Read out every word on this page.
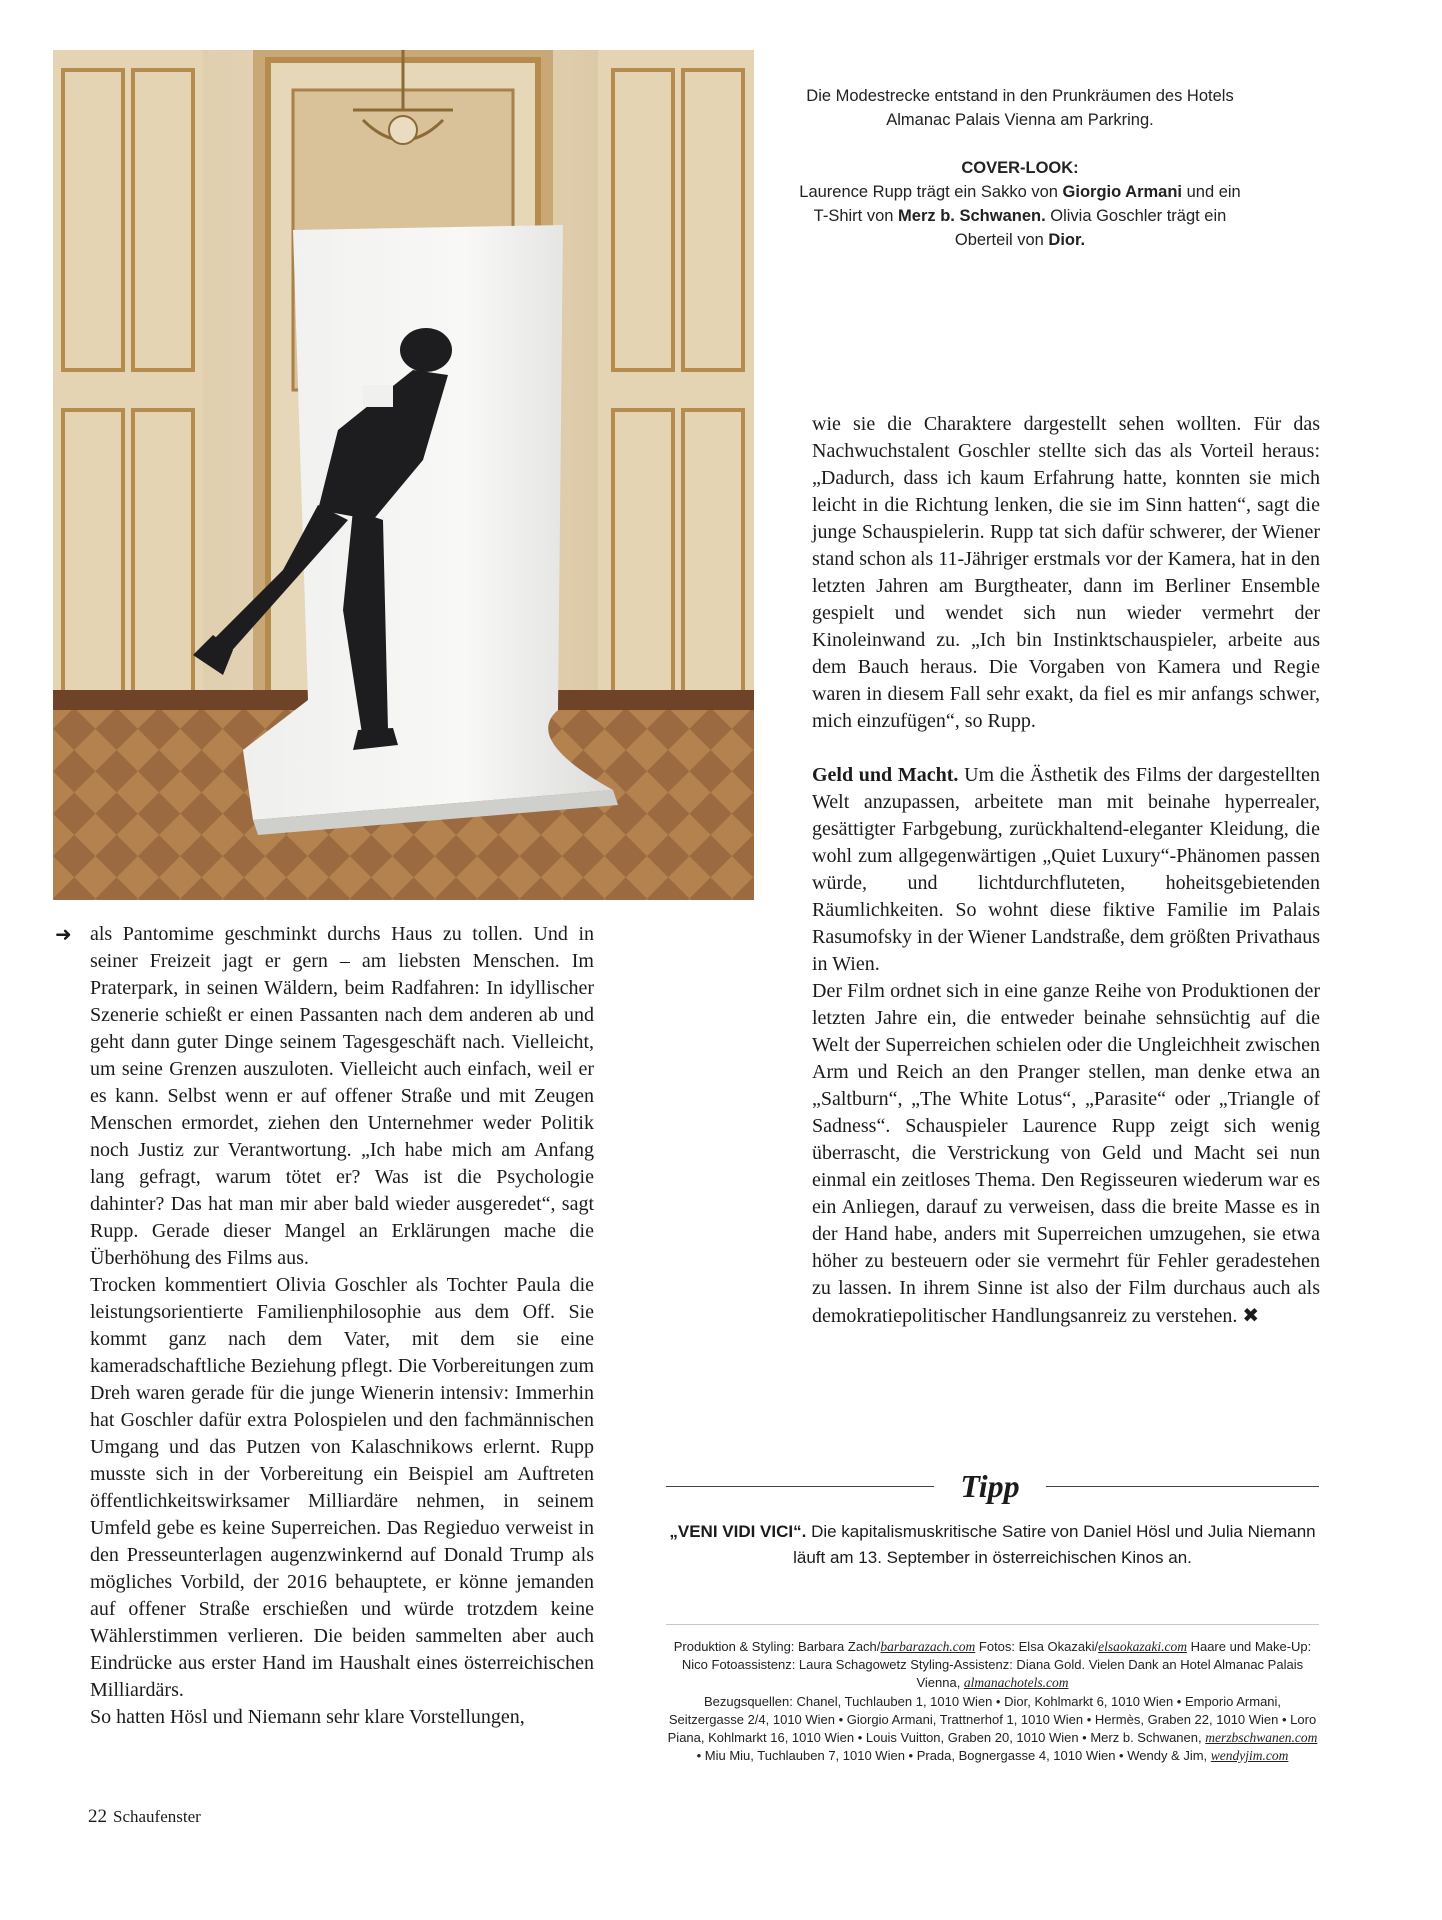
Die Modestrecke entstand in den Prunkräumen des Hotels Almanac Palais Vienna am Parkring.

COVER-LOOK:

Laurence Rupp trägt ein Sakko von Giorgio Armani und ein T-Shirt von Merz b. Schwanen. Olivia Goschler trägt ein Oberteil von Dior.

➜ als Pantomime geschminkt durchs Haus zu tollen. Und in seiner Freizeit jagt er gern – am liebsten Menschen. Im Praterpark, in seinen Wäldern, beim Radfahren: In idyllischer Szenerie schießt er einen Passanten nach dem anderen ab und geht dann guter Dinge seinem Tagesgeschäft nach. Vielleicht, um seine Grenzen auszuloten. Vielleicht auch einfach, weil er es kann. Selbst wenn er auf offener Straße und mit Zeugen Menschen ermordet, ziehen den Unternehmer weder Politik noch Justiz zur Verantwortung. „Ich habe mich am Anfang lang gefragt, warum tötet er? Was ist die Psychologie dahinter? Das hat man mir aber bald wieder ausgeredet“, sagt Rupp. Gerade dieser Mangel an Erklärungen mache die Überhöhung des Films aus.

Trocken kommentiert Olivia Goschler als Tochter Paula die leistungsorientierte Familienphilosophie aus dem Off. Sie kommt ganz nach dem Vater, mit dem sie eine kameradschaftliche Beziehung pflegt. Die Vorbereitungen zum Dreh waren gerade für die junge Wienerin intensiv: Immerhin hat Goschler dafür extra Polospielen und den fachmännischen Umgang und das Putzen von Kalaschnikows erlernt. Rupp musste sich in der Vorbereitung ein Beispiel am Auftreten öffentlichkeitswirksamer Milliardäre nehmen, in seinem Umfeld gebe es keine Superreichen. Das Regieduo verweist in den Presseunterlagen augenzwinkernd auf Donald Trump als mögliches Vorbild, der 2016 behauptete, er könne jemanden auf offener Straße erschießen und würde trotzdem keine Wählerstimmen verlieren. Die beiden sammelten aber auch Eindrücke aus erster Hand im Haushalt eines österreichischen Milliardärs.

So hatten Hösl und Niemann sehr klare Vorstellungen,

wie sie die Charaktere dargestellt sehen wollten. Für das Nachwuchstalent Goschler stellte sich das als Vorteil heraus: „Dadurch, dass ich kaum Erfahrung hatte, konnten sie mich leicht in die Richtung lenken, die sie im Sinn hatten“, sagt die junge Schauspielerin. Rupp tat sich dafür schwerer, der Wiener stand schon als 11-Jähriger erstmals vor der Kamera, hat in den letzten Jahren am Burgtheater, dann im Berliner Ensemble gespielt und wendet sich nun wieder vermehrt der Kinoleinwand zu. „Ich bin Instinktschauspieler, arbeite aus dem Bauch heraus. Die Vorgaben von Kamera und Regie waren in diesem Fall sehr exakt, da fiel es mir anfangs schwer, mich einzufügen“, so Rupp.

Geld und Macht. Um die Ästhetik des Films der dargestellten Welt anzupassen, arbeitete man mit beinahe hyperrealer, gesättigter Farbgebung, zurückhaltend-eleganter Kleidung, die wohl zum allgegenwärtigen „Quiet Luxury“-Phänomen passen würde, und lichtdurchfluteten, hoheitsgebietenden Räumlichkeiten. So wohnt diese fiktive Familie im Palais Rasumofsky in der Wiener Landstraße, dem größten Privathaus in Wien.

Der Film ordnet sich in eine ganze Reihe von Produktionen der letzten Jahre ein, die entweder beinahe sehnsüchtig auf die Welt der Superreichen schielen oder die Ungleichheit zwischen Arm und Reich an den Pranger stellen, man denke etwa an „Saltburn“, „The White Lotus“, „Parasite“ oder „Triangle of Sadness“. Schauspieler Laurence Rupp zeigt sich wenig überrascht, die Verstrickung von Geld und Macht sei nun einmal ein zeitloses Thema. Den Regisseuren wiederum war es ein Anliegen, darauf zu verweisen, dass die breite Masse es in der Hand habe, anders mit Superreichen umzugehen, sie etwa höher zu besteuern oder sie vermehrt für Fehler geradestehen zu lassen. In ihrem Sinne ist also der Film durchaus auch als demokratiepolitischer Handlungsanreiz zu verstehen. ✖

Tipp
„VENI VIDI VICI“. Die kapitalismuskritische Satire von Daniel Hösl und Julia Niemann läuft am 13. September in österreichischen Kinos an.

Produktion & Styling: Barbara Zach/barbarazach.com Fotos: Elsa Okazaki/elsaokazaki.com Haare und Make-Up: Nico Fotoassistenz: Laura Schagowetz Styling-Assistenz: Diana Gold. Vielen Dank an Hotel Almanac Palais Vienna, almanachotels.com

Bezugsquellen: Chanel, Tuchlauben 1, 1010 Wien • Dior, Kohlmarkt 6, 1010 Wien • Emporio Armani, Seitzergasse 2/4, 1010 Wien • Giorgio Armani, Trattnerhof 1, 1010 Wien • Hermès, Graben 22, 1010 Wien • Loro Piana, Kohlmarkt 16, 1010 Wien • Louis Vuitton, Graben 20, 1010 Wien • Merz b. Schwanen, merzbschwanen.com • Miu Miu, Tuchlauben 7, 1010 Wien • Prada, Bognergasse 4, 1010 Wien • Wendy & Jim, wendyjim.com

22 Schaufenster
